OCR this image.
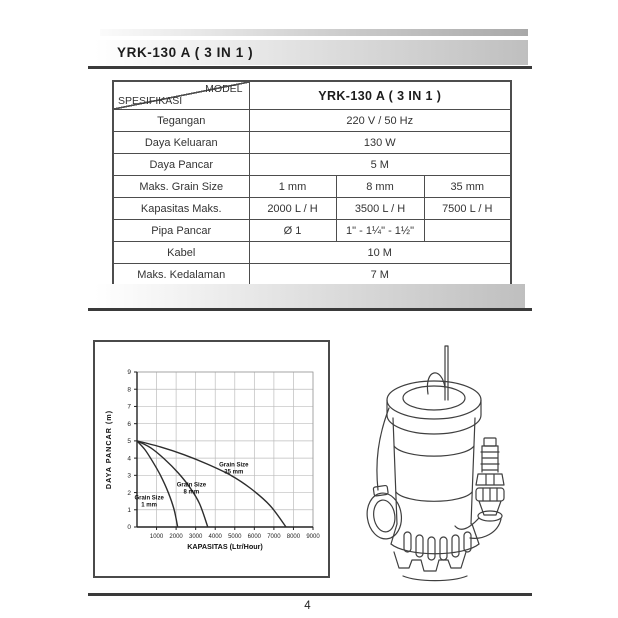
YRK-130 A ( 3 IN 1 )
MODEL
SPESIFIKASI	YRK-130 A ( 3 IN 1 )		
Tegangan	220 V / 50 Hz		
Daya Keluaran	130 W		
Daya Pancar	5 M		
Maks. Grain Size	1 mm	8 mm	35 mm
Kapasitas Maks.	2000 L / H	3500 L / H	7500 L / H
Pipa Pancar	Ø 1	1" - 1¼" - 1½"	
Kabel	10 M		
Maks. Kedalaman	7 M		
0
1
2
3
4
5
6
7
8
9
1000 2000 3000 4000 5000 6000 7000 8000 9000
KAPASITAS (Ltr/Hour)
DAYA PANCAR (m)
Grain Size
1 mm
Grain Size
8 mm
Grain Size
35 mm
4
